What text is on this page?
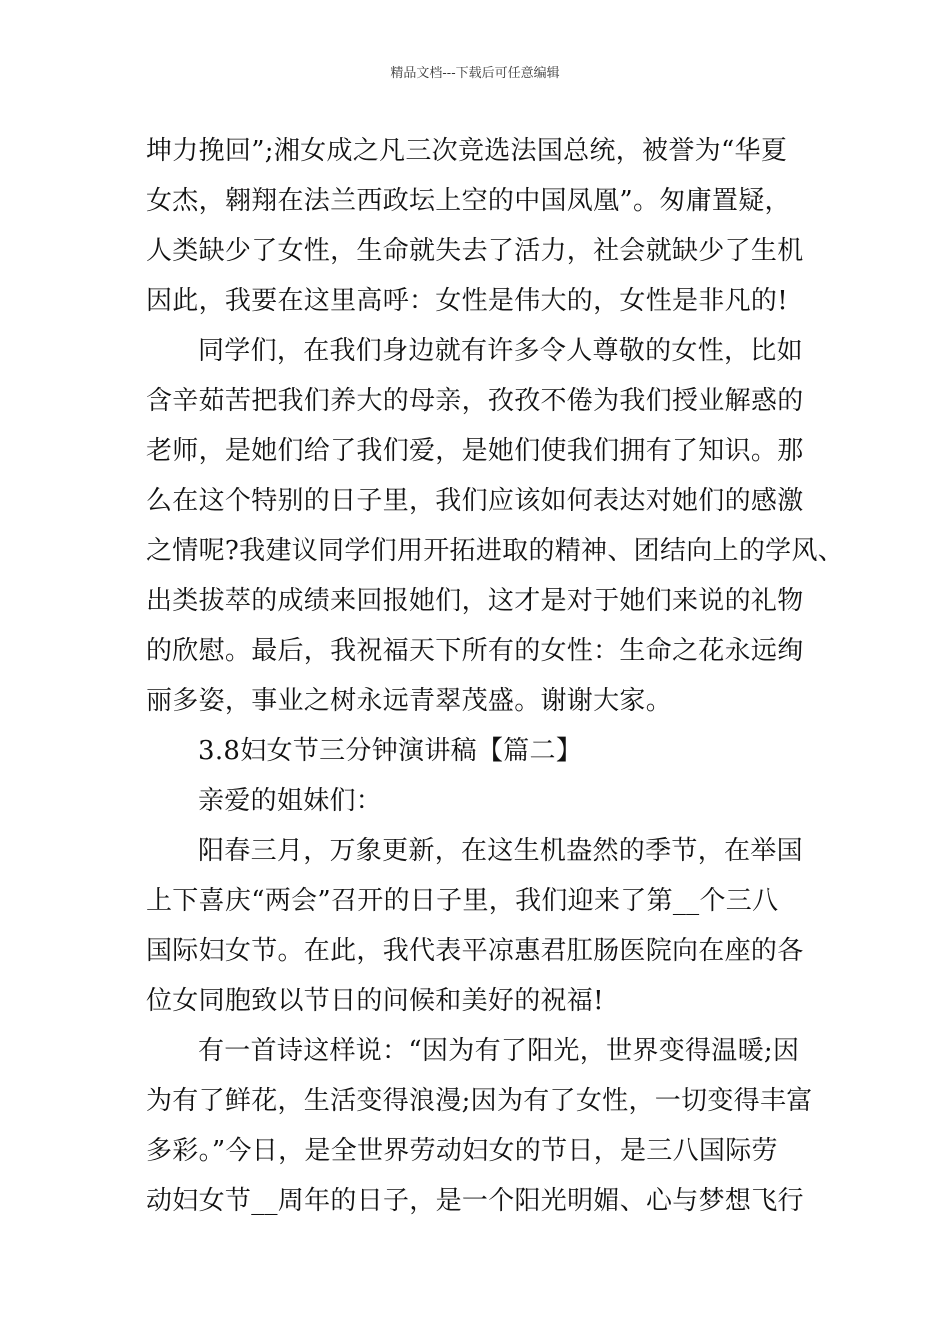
精品文档---下载后可任意编辑
坤力挽回”;湘女成之凡三次竞选法国总统，被誉为“华夏
女杰，翱翔在法兰西政坛上空的中国凤凰”。匆庸置疑，
人类缺少了女性，生命就失去了活力，社会就缺少了生机
因此，我要在这里高呼：女性是伟大的，女性是非凡的!
同学们，在我们身边就有许多令人尊敬的女性，比如
含辛茹苦把我们养大的母亲，孜孜不倦为我们授业解惑的
老师，是她们给了我们爱，是她们使我们拥有了知识。那
么在这个特别的日子里，我们应该如何表达对她们的感激
之情呢?我建议同学们用开拓进取的精神、团结向上的学风、
出类拔萃的成绩来回报她们，这才是对于她们来说的礼物
的欣慰。最后，我祝福天下所有的女性：生命之花永远绚
丽多姿，事业之树永远青翠茂盛。谢谢大家。
3.8妇女节三分钟演讲稿【篇二】
亲爱的姐妹们：
阳春三月，万象更新，在这生机盎然的季节，在举国
上下喜庆“两会”召开的日子里，我们迎来了第__个三八
国际妇女节。在此，我代表平凉惠君肛肠医院向在座的各
位女同胞致以节日的问候和美好的祝福!
有一首诗这样说：“因为有了阳光，世界变得温暖;因
为有了鲜花，生活变得浪漫;因为有了女性，一切变得丰富
多彩。”今日，是全世界劳动妇女的节日，是三八国际劳
动妇女节__周年的日子，是一个阳光明媚、心与梦想飞行
